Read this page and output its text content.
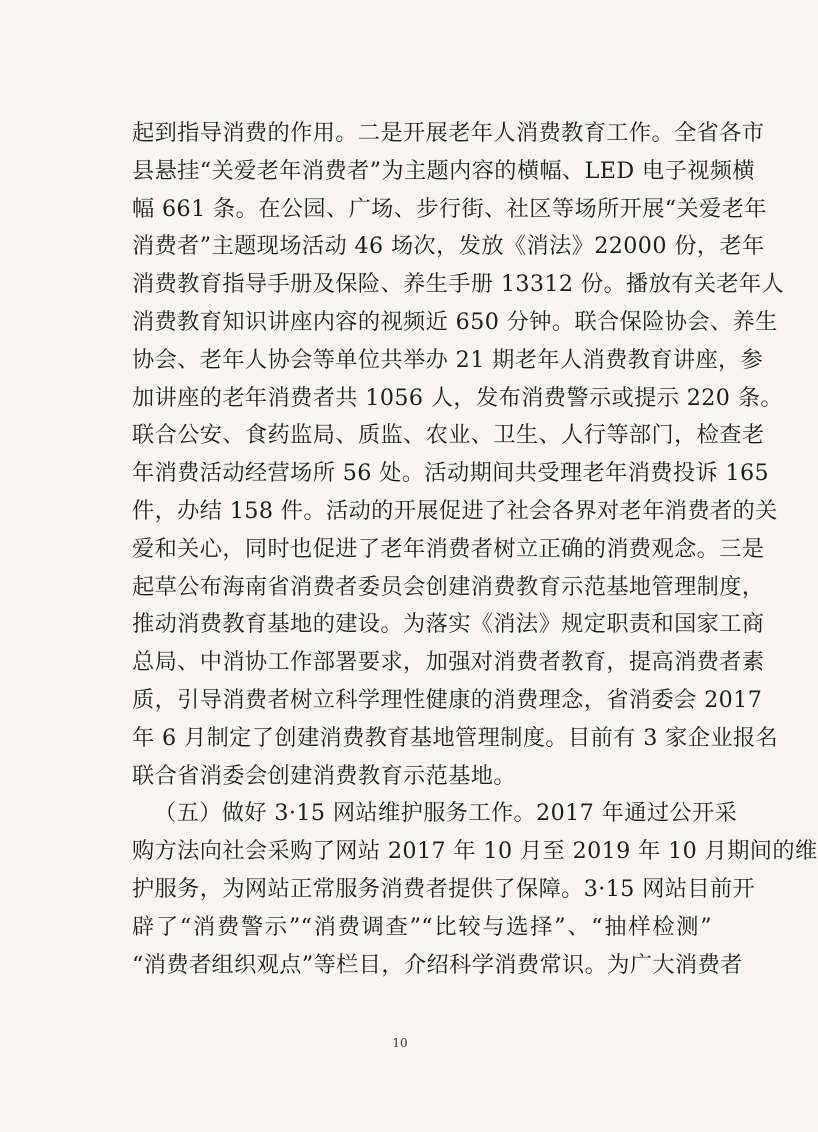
起到指导消费的作用。二是开展老年人消费教育工作。全省各市
县悬挂“关爱老年消费者”为主题内容的横幅、LED 电子视频横
幅 661 条。在公园、广场、步行街、社区等场所开展“关爱老年
消费者”主题现场活动 46 场次，发放《消法》22000 份，老年
消费教育指导手册及保险、养生手册 13312 份。播放有关老年人
消费教育知识讲座内容的视频近 650 分钟。联合保险协会、养生
协会、老年人协会等单位共举办 21 期老年人消费教育讲座，参
加讲座的老年消费者共 1056 人，发布消费警示或提示 220 条。
联合公安、食药监局、质监、农业、卫生、人行等部门，检查老
年消费活动经营场所 56 处。活动期间共受理老年消费投诉 165
件，办结 158 件。活动的开展促进了社会各界对老年消费者的关
爱和关心，同时也促进了老年消费者树立正确的消费观念。三是
起草公布海南省消费者委员会创建消费教育示范基地管理制度，
推动消费教育基地的建设。为落实《消法》规定职责和国家工商
总局、中消协工作部署要求，加强对消费者教育，提高消费者素
质，引导消费者树立科学理性健康的消费理念，省消委会 2017
年 6 月制定了创建消费教育基地管理制度。目前有 3 家企业报名
联合省消委会创建消费教育示范基地。
（五）做好 3·15 网站维护服务工作。2017 年通过公开采
购方法向社会采购了网站 2017 年 10 月至 2019 年 10 月期间的维
护服务，为网站正常服务消费者提供了保障。3·15 网站目前开
辟了“消费警示”“消费调查”“比较与选择”、“抽样检测”
“消费者组织观点”等栏目，介绍科学消费常识。为广大消费者
10
